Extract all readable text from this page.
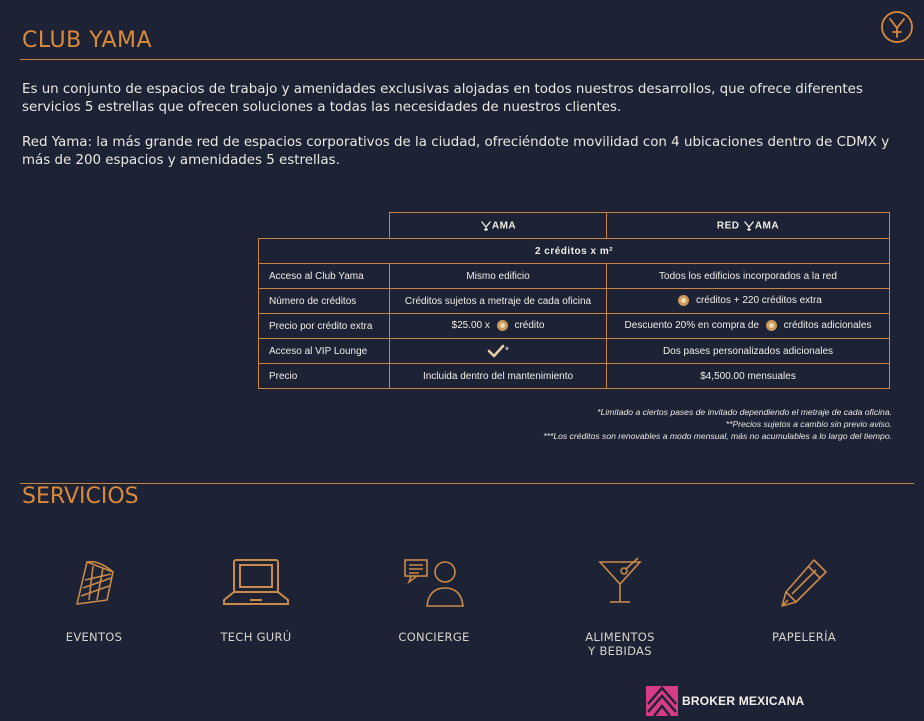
CLUB YAMA
Es un conjunto de espacios de trabajo y amenidades exclusivas alojadas en todos nuestros desarrollos, que ofrece diferentes servicios 5 estrellas que ofrecen soluciones a todas las necesidades de nuestros clientes.
Red Yama: la más grande red de espacios corporativos de la ciudad, ofreciéndote movilidad con 4 ubicaciones dentro de CDMX y más de 200 espacios y amenidades 5 estrellas.
	AMA	RED AMA
2 créditos x m²		
Acceso al Club Yama	Mismo edificio	Todos los edificios incorporados a la red
Número de créditos	Créditos sujetos a metraje de cada oficina	créditos + 220 créditos extra
Precio por crédito extra	$25.00 x crédito	Descuento 20% en compra de créditos adicionales
Acceso al VIP Lounge	*	Dos pases personalizados adicionales
Precio	Incluida dentro del mantenimiento	$4,500.00 mensuales
*Limitado a ciertos pases de invitado dependiendo el metraje de cada oficina.
**Precios sujetos a cambio sin previo aviso.
***Los créditos son renovables a modo mensual, más no acumulables a lo largo del tiempo.
SERVICIOS
EVENTOS	TECH GURÚ	CONCIERGE	ALIMENTOS
Y BEBIDAS
PAPELERÍA
BROKER MEXICANA
